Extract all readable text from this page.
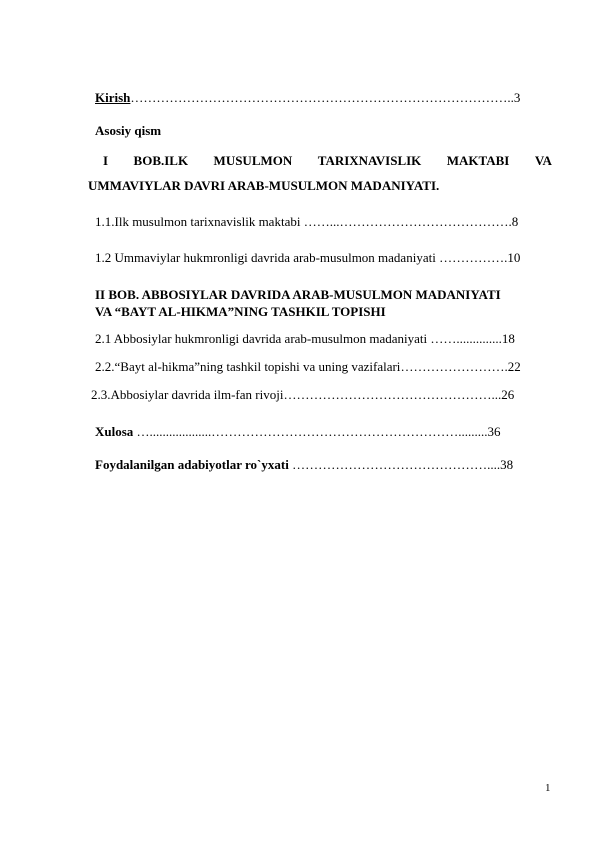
Kirish……………………………………………………………………………..3
Asosiy qism
I BOB.ILK MUSULMON TARIXNAVISLIK MAKTABI VA
UMMAVIYLAR DAVRI ARAB-MUSULMON MADANIYATI.
1.1.Ilk musulmon tarixnavislik maktabi ……...………………………………….8
1.2 Ummaviylar hukmronligi davrida arab-musulmon madaniyati …………….10
II BOB. ABBOSIYLAR DAVRIDA ARAB-MUSULMON MADANIYATI
VA “BAYT AL-HIKMA”NING TASHKIL TOPISHI
2.1 Abbosiylar hukmronligi davrida arab-musulmon madaniyati ……..............18
2.2.“Bayt al-hikma”ning tashkil topishi va uning vazifalari…………………….22
2.3.Abbosiylar davrida ilm-fan rivoji…………………………………………...26
Xulosa …...................………………………………………………….........36
Foydalanilgan adabiyotlar ro`yxati ………………………………………....38
1
